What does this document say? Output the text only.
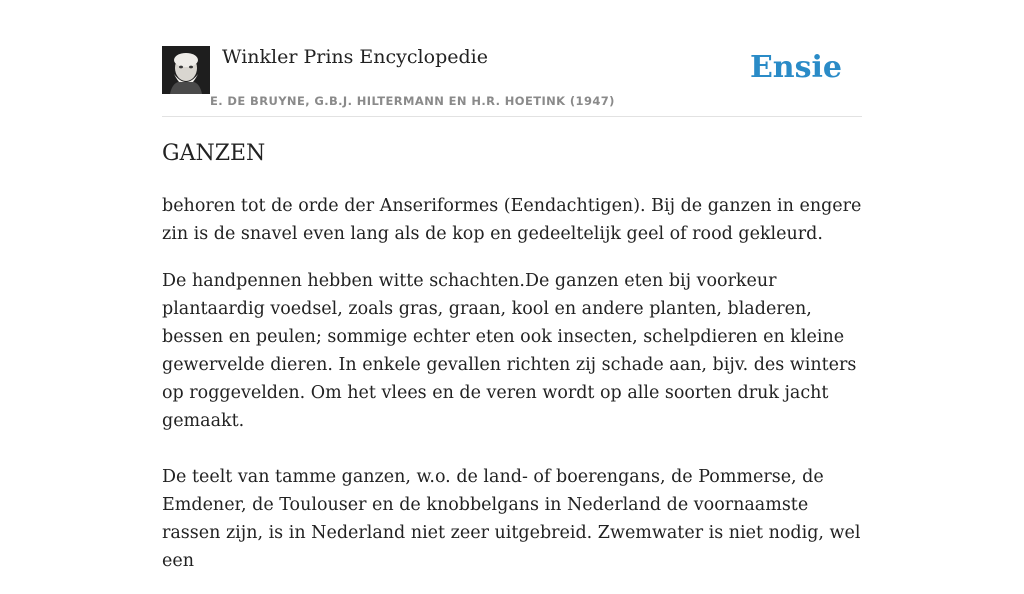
Winkler Prins Encyclopedie
E. DE BRUYNE, G.B.J. HILTERMANN EN H.R. HOETINK (1947)
Ensie
GANZEN

behoren tot de orde der Anseriformes (Eendachtigen). Bij de ganzen in engere zin is de snavel even lang als de kop en gedeeltelijk geel of rood gekleurd.

De handpennen hebben witte schachten.De ganzen eten bij voorkeur plantaardig voedsel, zoals gras, graan, kool en andere planten, bladeren, bessen en peulen; sommige echter eten ook insecten, schelpdieren en kleine gewervelde dieren. In enkele gevallen richten zij schade aan, bijv. des winters op roggevelden. Om het vlees en de veren wordt op alle soorten druk jacht gemaakt.

De teelt van tamme ganzen, w.o. de land- of boerengans, de Pommerse, de Emdener, de Toulouser en de knobbelgans in Nederland de voornaamste rassen zijn, is in Nederland niet zeer uitgebreid. Zwemwater is niet nodig, wel een
